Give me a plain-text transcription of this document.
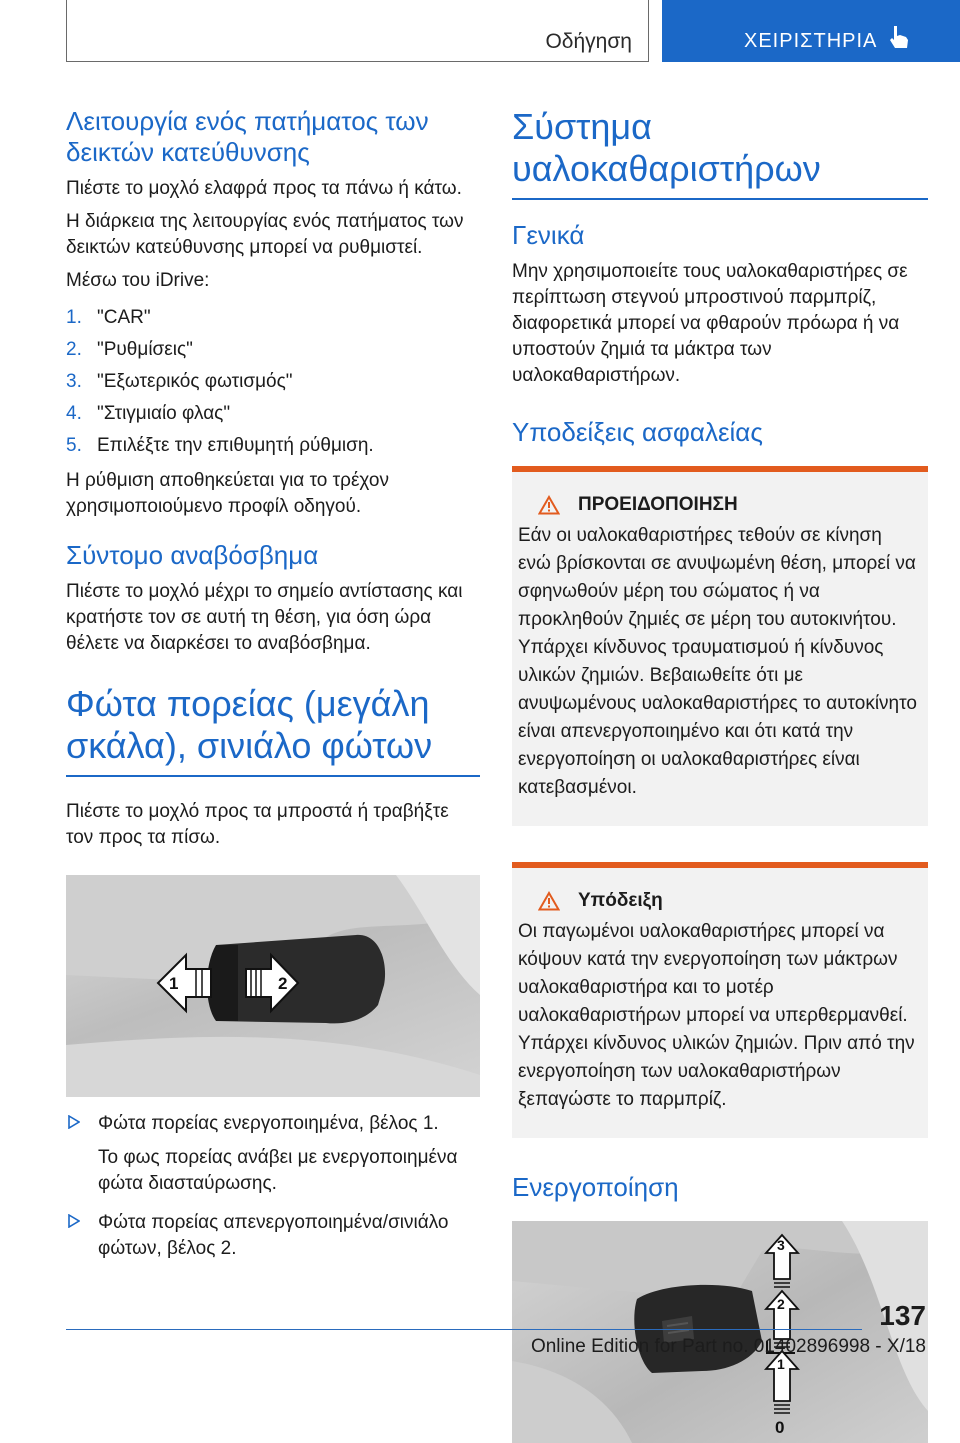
Οδήγηση	ΧΕΙΡΙΣΤΗΡΙΑ
Λειτουργία ενός πατήματος των δεικτών κατεύθυνσης

Πιέστε το μοχλό ελαφρά προς τα πάνω ή κάτω.

Η διάρκεια της λειτουργίας ενός πατήματος των δεικτών κατεύθυνσης μπορεί να ρυθμιστεί.

Μέσω του iDrive:

1. "CAR"
2. "Ρυθμίσεις"
3. "Εξωτερικός φωτισμός"
4. "Στιγμιαίο φλας"
5. Επιλέξτε την επιθυμητή ρύθμιση.

Η ρύθμιση αποθηκεύεται για το τρέχον χρησιμοποιούμενο προφίλ οδηγού.

Σύντομο αναβόσβημα

Πιέστε το μοχλό μέχρι το σημείο αντίστασης και κρατήστε τον σε αυτή τη θέση, για όση ώρα θέλετε να διαρκέσει το αναβόσβημα.

Φώτα πορείας (μεγάλη σκάλα), σινιάλο φώτων

Πιέστε το μοχλό προς τα μπροστά ή τραβήξτε τον προς τα πίσω.

1	2
Φώτα πορείας ενεργοποιημένα, βέλος 1.

Το φως πορείας ανάβει με ενεργοποιημένα φώτα διασταύρωσης.

Φώτα πορείας απενεργοποιημένα/σινιάλο φώτων, βέλος 2.
Σύστημα υαλοκαθαριστήρων
Γενικά

Μην χρησιμοποιείτε τους υαλοκαθαριστήρες σε περίπτωση στεγνού μπροστινού παρμπρίζ, διαφορετικά μπορεί να φθαρούν πρόωρα ή να υποστούν ζημιά τα μάκτρα των υαλοκαθαριστήρων.

Υποδείξεις ασφαλείας
ΠΡΟΕΙΔΟΠΟΙΗΣΗ

Εάν οι υαλοκαθαριστήρες τεθούν σε κίνηση ενώ βρίσκονται σε ανυψωμένη θέση, μπορεί να σφηνωθούν μέρη του σώματος ή να προκληθούν ζημιές σε μέρη του αυτοκινήτου. Υπάρχει κίνδυνος τραυματισμού ή κίνδυνος υλικών ζημιών. Βεβαιωθείτε ότι με ανυψωμένους υαλοκαθαριστήρες το αυτοκίνητο είναι απενεργοποιημένο και ότι κατά την ενεργοποίηση οι υαλοκαθαριστήρες είναι κατεβασμένοι.

Υπόδειξη

Οι παγωμένοι υαλοκαθαριστήρες μπορεί να κόψουν κατά την ενεργοποίηση των μάκτρων υαλοκαθαριστήρα και το μοτέρ υαλοκαθαριστήρων μπορεί να υπερθερμανθεί. Υπάρχει κίνδυνος υλικών ζημιών. Πριν από την ενεργοποίηση των υαλοκαθαριστήρων ξεπαγώστε το παρμπρίζ.

Ενεργοποίηση
3
2
1
0
137
Online Edition for Part no. 01402896998 - X/18
